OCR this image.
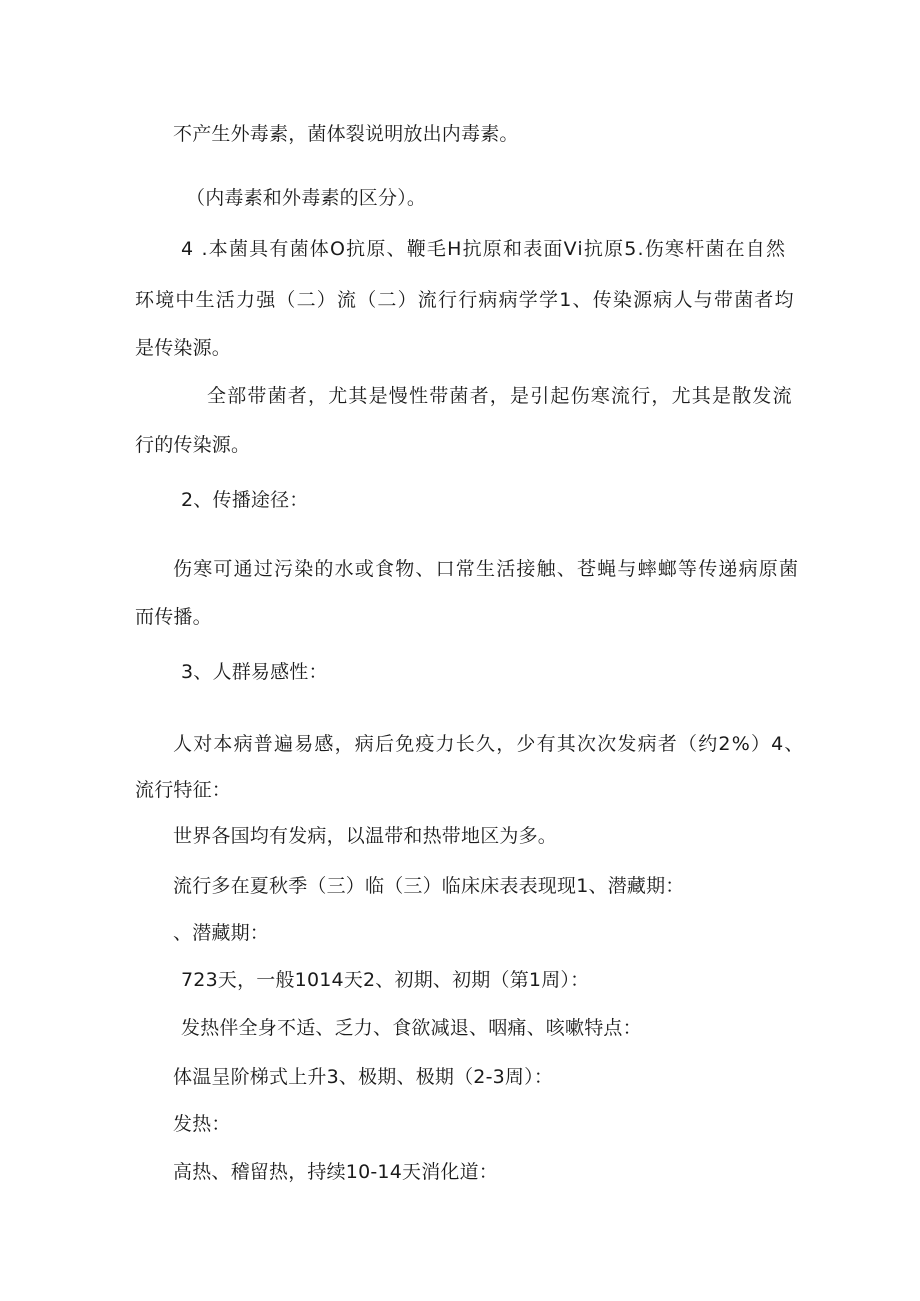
不产生外毒素，菌体裂说明放出内毒素。
（内毒素和外毒素的区分）。
4 .本菌具有菌体O抗原、鞭毛H抗原和表面Vi抗原5.伤寒杆菌在自然
环境中生活力强（二）流（二）流行行病病学学1、传染源病人与带菌者均
是传染源。
全部带菌者，尤其是慢性带菌者，是引起伤寒流行，尤其是散发流
行的传染源。
2、传播途径：
伤寒可通过污染的水或食物、口常生活接触、苍蝇与蟀螂等传递病原菌
而传播。
3、人群易感性：
人对本病普遍易感，病后免疫力长久，少有其次次发病者（约2%）4、
流行特征：
世界各国均有发病，以温带和热带地区为多。
流行多在夏秋季（三）临（三）临床床表表现现1、潜藏期：
、潜藏期：
723天，一般1014天2、初期、初期（第1周）：
发热伴全身不适、乏力、食欲减退、咽痛、咳嗽特点：
体温呈阶梯式上升3、极期、极期（2-3周）：
发热：
高热、稽留热，持续10-14天消化道：
